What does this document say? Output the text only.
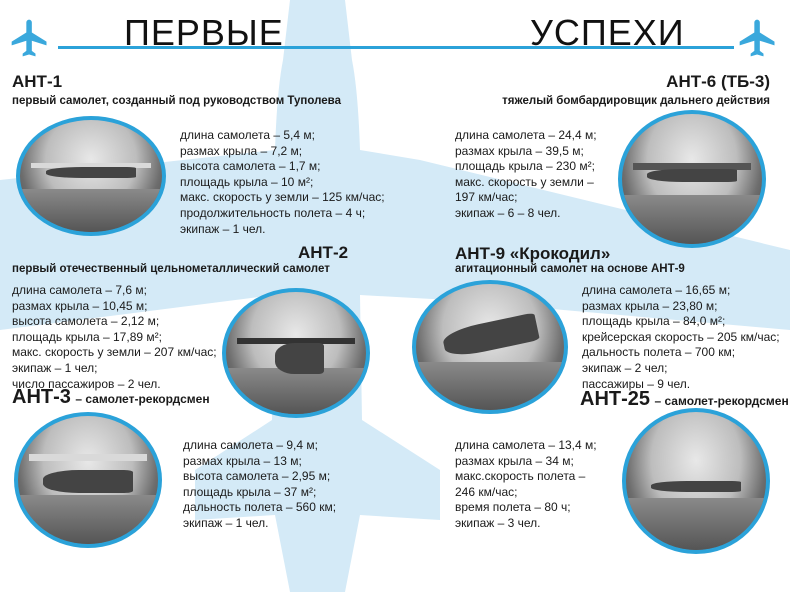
ПЕРВЫЕ	УСПЕХИ
АНТ-1
первый самолет, созданный под руководством Туполева
длина самолета – 5,4 м;
размах крыла – 7,2 м;
высота самолета – 1,7 м;
площадь крыла – 10 м²;
макс. скорость у земли – 125 км/час;
продолжительность полета – 4 ч;
экипаж – 1 чел.
АНТ-6 (ТБ-3)
тяжелый бомбардировщик дальнего действия
длина самолета – 24,4 м;
размах крыла – 39,5 м;
площадь крыла – 230 м²;
макс. скорость у земли –
197 км/час;
экипаж – 6 – 8 чел.
АНТ-2
первый отечественный цельнометаллический самолет
длина самолета – 7,6 м;
размах крыла – 10,45 м;
высота самолета – 2,12 м;
площадь крыла – 17,89 м²;
макс. скорость у земли – 207 км/час;
экипаж – 1 чел;
число пассажиров – 2 чел.
АНТ-9 «Крокодил»
агитационный самолет на основе АНТ-9
длина самолета – 16,65 м;
размах крыла – 23,80 м;
площадь крыла – 84,0 м²;
крейсерская скорость – 205 км/час;
дальность полета – 700 км;
экипаж – 2 чел;
пассажиры – 9 чел.
АНТ-3 – самолет-рекордсмен
длина самолета – 9,4 м;
размах крыла – 13 м;
высота самолета – 2,95 м;
площадь крыла – 37 м²;
дальность полета – 560 км;
экипаж – 1 чел.
АНТ-25 – самолет-рекордсмен
длина самолета – 13,4 м;
размах крыла – 34 м;
макс.скорость полета –
246 км/час;
время полета – 80 ч;
экипаж – 3 чел.
